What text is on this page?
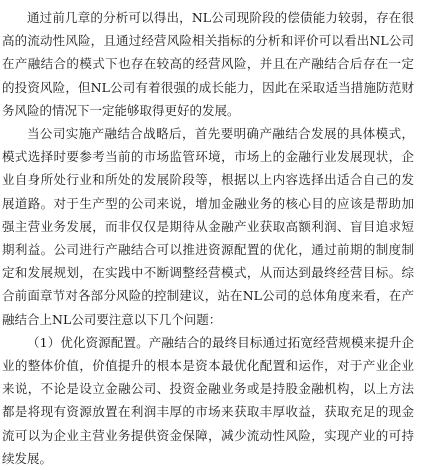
通过前几章的分析可以得出，NL公司现阶段的偿债能力较弱，存在很高的流动性风险，且通过经营风险相关指标的分析和评价可以看出NL公司在产融结合的模式下也存在较高的经营风险，并且在产融结合后存在一定的投资风险，但NL公司有着很强的成长能力，因此在采取适当措施防范财务风险的情况下一定能够取得更好的发展。

当公司实施产融结合战略后，首先要明确产融结合发展的具体模式，模式选择时要参考当前的市场监管环境，市场上的金融行业发展现状，企业自身所处行业和所处的发展阶段等，根据以上内容选择出适合自己的发展道路。对于生产型的公司来说，增加金融业务的核心目的应该是帮助加强主营业务发展，而非仅仅是期待从金融产业获取高额利润、盲目追求短期利益。公司进行产融结合可以推进资源配置的优化，通过前期的制度制定和发展规划，在实践中不断调整经营模式，从而达到最终经营目标。综合前面章节对各部分风险的控制建议，站在NL公司的总体角度来看，在产融结合上NL公司要注意以下几个问题：

（1）优化资源配置。产融结合的最终目标通过拓宽经营规模来提升企业的整体价值，价值提升的根本是资本最优化配置和运作，对于产业企业来说，不论是设立金融公司、投资金融业务或是持股金融机构，以上方法都是将现有资源放置在利润丰厚的市场来获取丰厚收益，获取充足的现金流可以为企业主营业务提供资金保障，减少流动性风险，实现产业的可持续发展。
